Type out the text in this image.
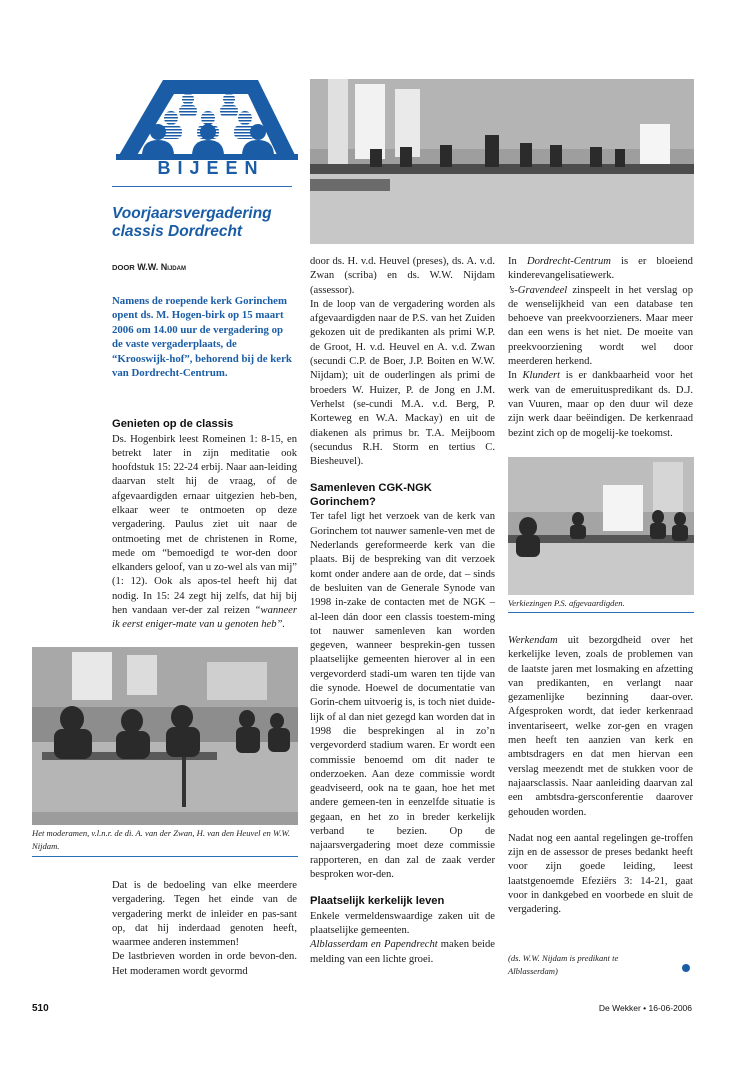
BIJEEN
Voorjaarsvergadering
classis Dordrecht
DOOR W.W. Nijdam
Namens de roepende kerk Gorinchem opent ds. M. Hogen-birk op 15 maart 2006 om 14.00 uur de vergadering op de vaste vergaderplaats, de “Krooswijk-hof”, behorend bij de kerk van Dordrecht-Centrum.
Genieten op de classis

Ds. Hogenbirk leest Romeinen 1: 8-15, en betrekt later in zijn meditatie ook hoofdstuk 15: 22-24 erbij. Naar aan-leiding daarvan stelt hij de vraag, of de afgevaardigden ernaar uitgezien heb-ben, elkaar weer te ontmoeten op deze vergadering. Paulus ziet uit naar de ontmoeting met de christenen in Rome, mede om “bemoedigd te wor-den door elkanders geloof, van u zo-wel als van mij” (1: 12). Ook als apos-tel heeft hij dat nodig. In 15: 24 zegt hij zelfs, dat hij bij hen vandaan ver-der zal reizen “wanneer ik eerst eniger-mate van u genoten heb”.

Het moderamen, v.l.n.r. de di. A. van der Zwan, H. van den Heuvel en W.W. Nijdam.

Dat is de bedoeling van elke meerdere vergadering. Tegen het einde van de vergadering merkt de inleider en pas-sant op, dat hij inderdaad genoten heeft, waarmee anderen instemmen!

De lastbrieven worden in orde bevon-den. Het moderamen wordt gevormd

door ds. H. v.d. Heuvel (preses), ds. A. v.d. Zwan (scriba) en ds. W.W. Nijdam (assessor).

In de loop van de vergadering worden als afgevaardigden naar de P.S. van het Zuiden gekozen uit de predikanten als primi W.P. de Groot, H. v.d. Heuvel en A. v.d. Zwan (secundi C.P. de Boer, J.P. Boiten en W.W. Nijdam); uit de ouderlingen als primi de broeders W. Huizer, P. de Jong en J.M. Verhelst (se-cundi M.A. v.d. Berg, P. Korteweg en W.A. Mackay) en uit de diakenen als primus br. T.A. Meijboom (secundus R.H. Storm en tertius C. Biesheuvel).

Samenleven CGK-NGK
Gorinchem?

Ter tafel ligt het verzoek van de kerk van Gorinchem tot nauwer samenle-ven met de Nederlands gereformeerde kerk van die plaats. Bij de bespreking van dit verzoek komt onder andere aan de orde, dat – sinds de besluiten van de Generale Synode van 1998 in-zake de contacten met de NGK – al-leen dán door een classis toestem-ming tot nauwer samenleven kan worden gegeven, wanneer besprekin-gen tussen plaatselijke gemeenten hierover al in een vergevorderd stadi-um waren ten tijde van die synode. Hoewel de documentatie van Gorin-chem uitvoerig is, is toch niet duide-lijk of al dan niet gezegd kan worden dat in 1998 die besprekingen al in zo’n vergevorderd stadium waren. Er wordt een commissie benoemd om dit nader te onderzoeken. Aan deze commissie wordt geadviseerd, ook na te gaan, hoe het met andere gemeen-ten in eenzelfde situatie is gegaan, en het zo in breder kerkelijk verband te bezien. Op de najaarsvergadering moet deze commissie rapporteren, en dan zal de zaak verder besproken wor-den.

Plaatselijk kerkelijk leven

Enkele vermeldenswaardige zaken uit de plaatselijke gemeenten.

Alblasserdam en Papendrecht maken beide melding van een lichte groei.

In Dordrecht-Centrum is er bloeiend kinderevangelisatiewerk.

’s-Gravendeel zinspeelt in het verslag op de wenselijkheid van een database ten behoeve van preekvoorzieners. Maar meer dan een wens is het niet. De moeite van preekvoorziening wordt wel door meerderen herkend.

In Klundert is er dankbaarheid voor het werk van de emeruituspredikant ds. D.J. van Vuuren, maar op den duur wil deze zijn werk daar beëindigen. De kerkenraad bezint zich op de mogelij-ke toekomst.

Verkiezingen P.S. afgevaardigden.

Werkendam uit bezorgdheid over het kerkelijke leven, zoals de problemen van de laatste jaren met losmaking en afzetting van predikanten, en verlangt naar gezamenlijke bezinning daar-over. Afgesproken wordt, dat ieder kerkenraad inventariseert, welke zor-gen en vragen men heeft ten aanzien van kerk en ambtsdragers en dat men hiervan een verslag meezendt met de stukken voor de najaarsclassis. Naar aanleiding daarvan zal een ambtsdra-gersconferentie daarover gehouden worden.

Nadat nog een aantal regelingen ge-troffen zijn en de assessor de preses bedankt heeft voor zijn goede leiding, leest laatstgenoemde Efeziërs 3: 14-21, gaat voor in dankgebed en voorbede en sluit de vergadering.

(ds. W.W. Nijdam is predikant te Alblasserdam)
510	De Wekker • 16-06-2006
